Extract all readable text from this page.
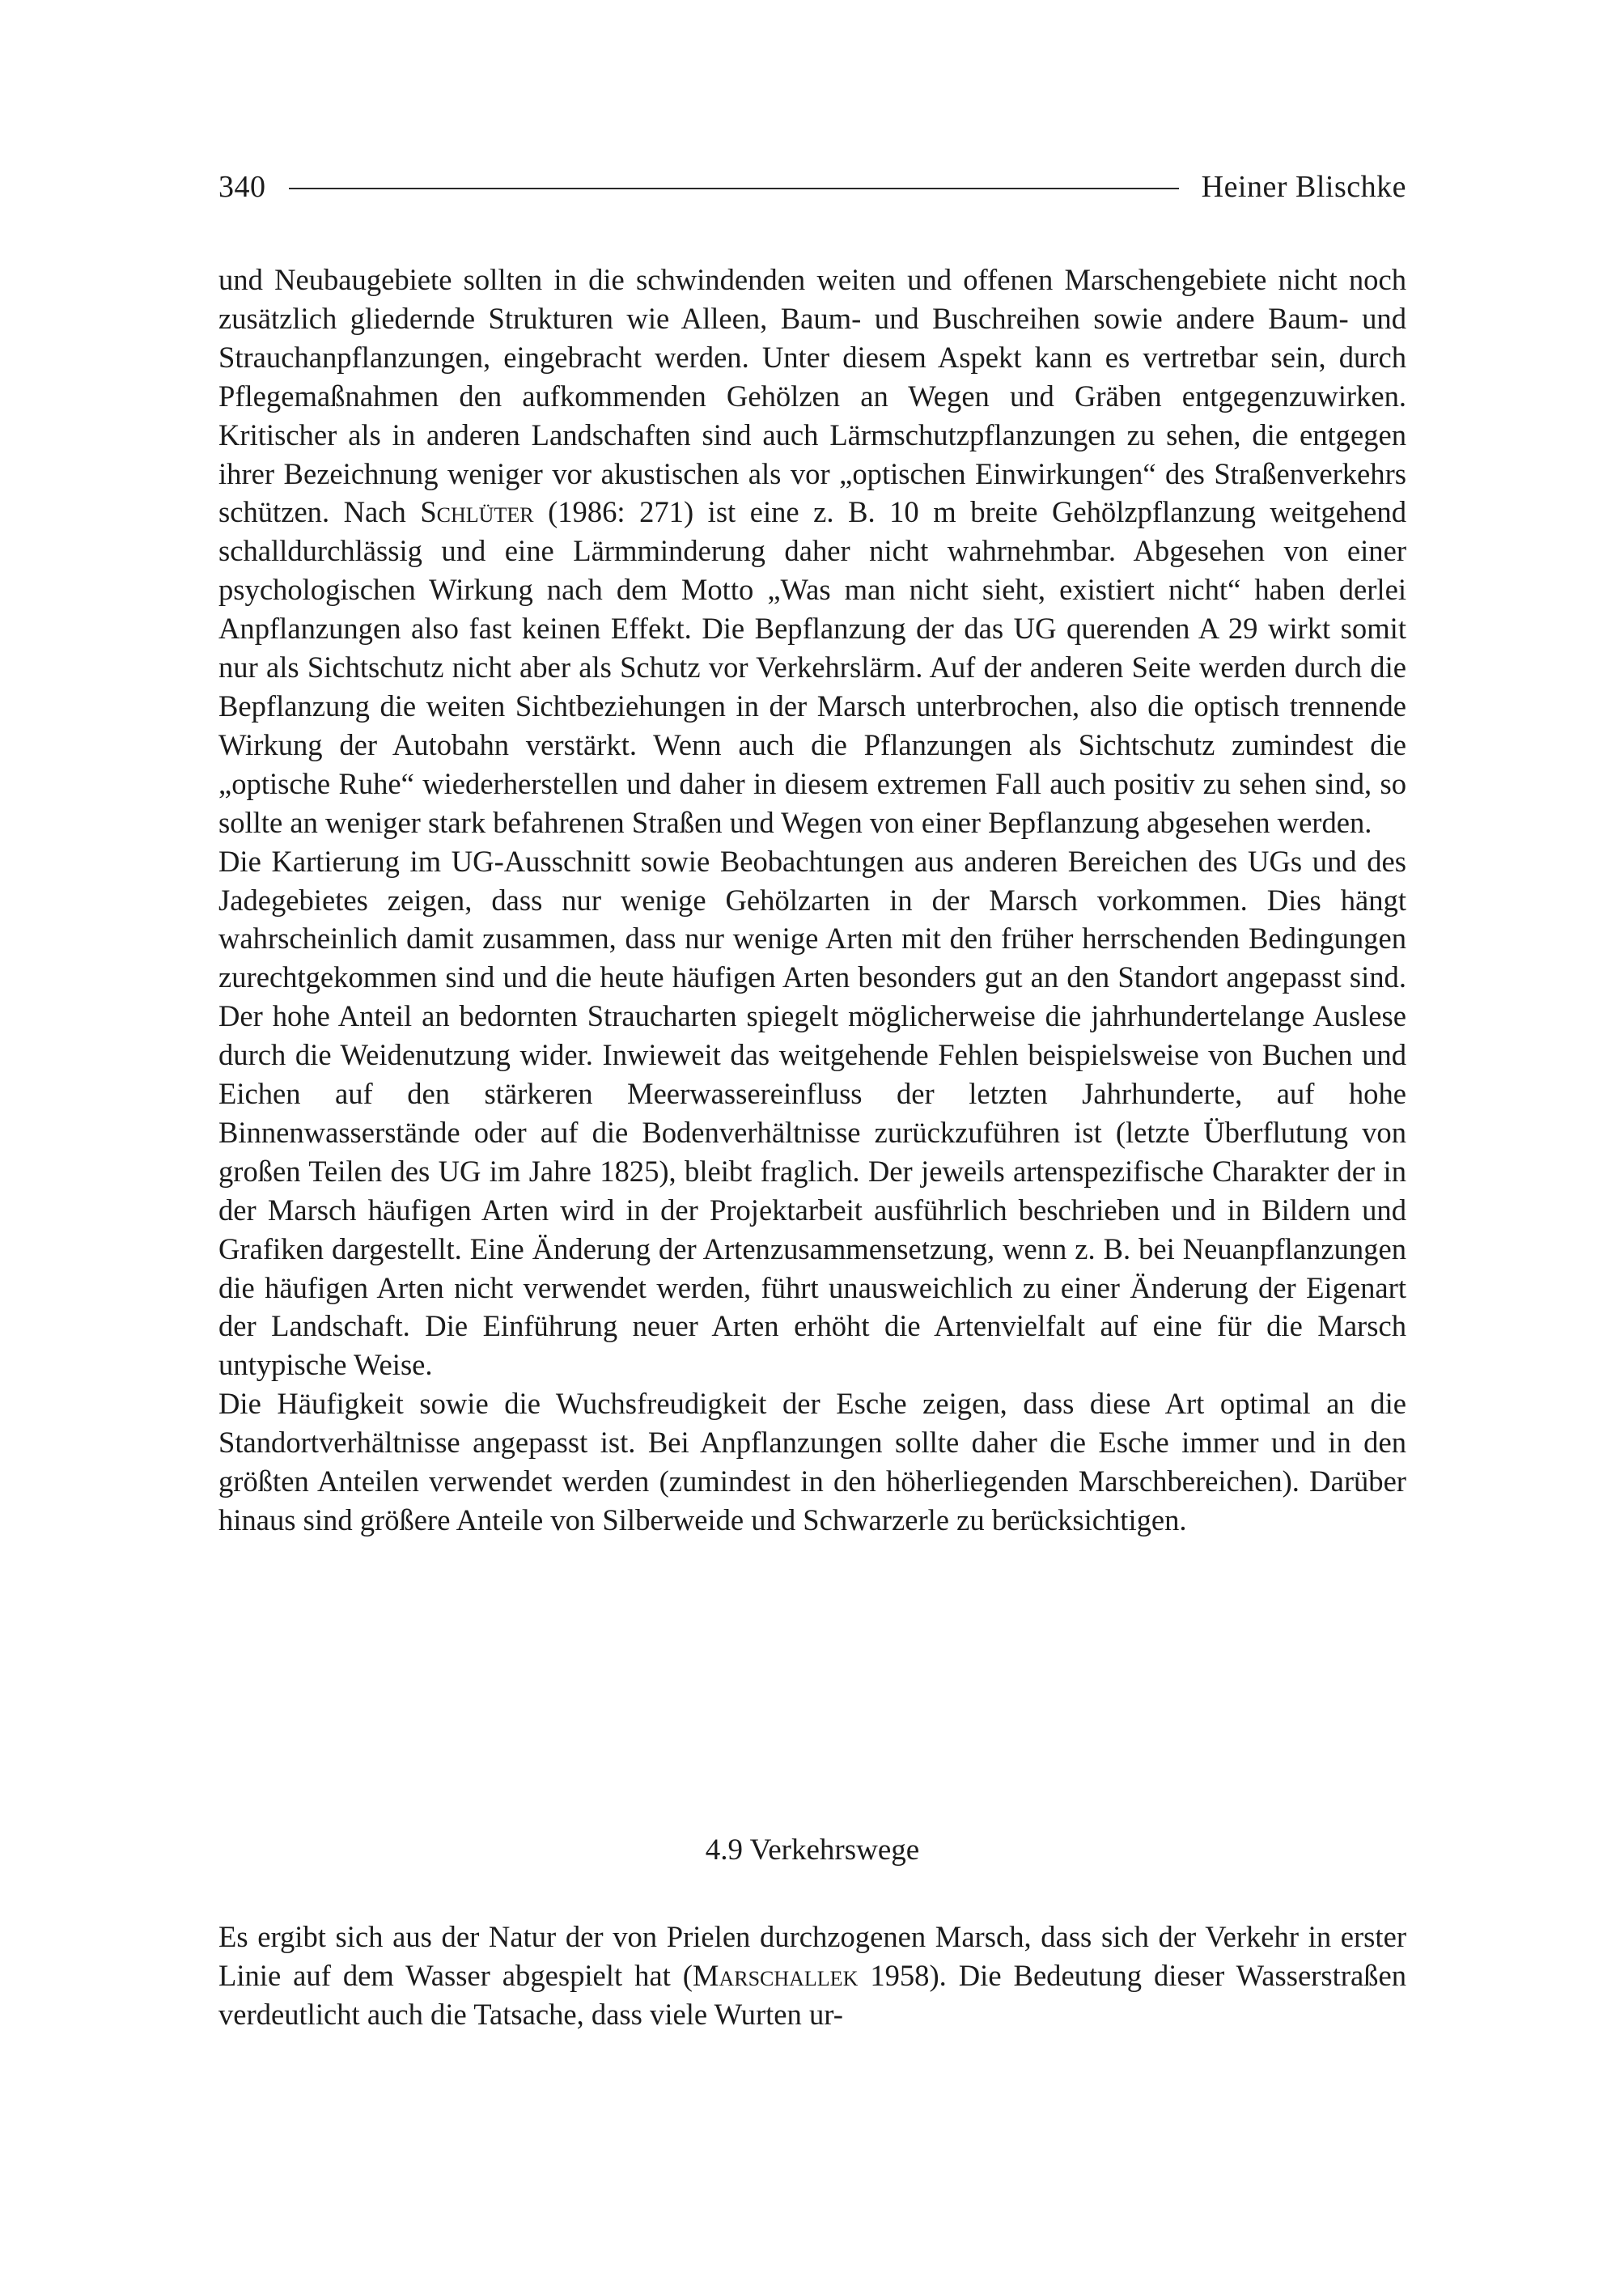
340	Heiner Blischke

und Neubaugebiete sollten in die schwindenden weiten und offenen Marschengebiete nicht noch zusätzlich gliedernde Strukturen wie Alleen, Baum- und Buschreihen sowie andere Baum- und Strauchanpflanzungen, eingebracht werden. Unter diesem Aspekt kann es vertretbar sein, durch Pflegemaßnahmen den aufkommenden Gehölzen an Wegen und Gräben entgegenzuwirken. Kritischer als in anderen Landschaften sind auch Lärmschutzpflanzungen zu sehen, die entgegen ihrer Bezeichnung weniger vor akustischen als vor „optischen Einwirkungen“ des Straßenverkehrs schützen. Nach Schlüter (1986: 271) ist eine z. B. 10 m breite Gehölzpflanzung weitgehend schalldurchlässig und eine Lärmminderung daher nicht wahrnehmbar. Abgesehen von einer psychologischen Wirkung nach dem Motto „Was man nicht sieht, existiert nicht“ haben derlei Anpflanzungen also fast keinen Effekt. Die Bepflanzung der das UG querenden A 29 wirkt somit nur als Sichtschutz nicht aber als Schutz vor Verkehrslärm. Auf der anderen Seite werden durch die Bepflanzung die weiten Sichtbeziehungen in der Marsch unterbrochen, also die optisch trennende Wirkung der Autobahn verstärkt. Wenn auch die Pflanzungen als Sichtschutz zumindest die „optische Ruhe“ wiederherstellen und daher in diesem extremen Fall auch positiv zu sehen sind, so sollte an weniger stark befahrenen Straßen und Wegen von einer Bepflanzung abgesehen werden.

Die Kartierung im UG-Ausschnitt sowie Beobachtungen aus anderen Bereichen des UGs und des Jadegebietes zeigen, dass nur wenige Gehölzarten in der Marsch vorkommen. Dies hängt wahrscheinlich damit zusammen, dass nur wenige Arten mit den früher herrschenden Bedingungen zurechtgekommen sind und die heute häufigen Arten besonders gut an den Standort angepasst sind. Der hohe Anteil an bedornten Straucharten spiegelt möglicherweise die jahrhundertelange Auslese durch die Weidenutzung wider. Inwieweit das weitgehende Fehlen beispielsweise von Buchen und Eichen auf den stärkeren Meerwassereinfluss der letzten Jahrhunderte, auf hohe Binnenwasserstände oder auf die Bodenverhältnisse zurückzuführen ist (letzte Überflutung von großen Teilen des UG im Jahre 1825), bleibt fraglich. Der jeweils artenspezifische Charakter der in der Marsch häufigen Arten wird in der Projektarbeit ausführlich beschrieben und in Bildern und Grafiken dargestellt. Eine Änderung der Artenzusammensetzung, wenn z. B. bei Neuanpflanzungen die häufigen Arten nicht verwendet werden, führt unausweichlich zu einer Änderung der Eigenart der Landschaft. Die Einführung neuer Arten erhöht die Artenvielfalt auf eine für die Marsch untypische Weise.

Die Häufigkeit sowie die Wuchsfreudigkeit der Esche zeigen, dass diese Art optimal an die Standortverhältnisse angepasst ist. Bei Anpflanzungen sollte daher die Esche immer und in den größten Anteilen verwendet werden (zumindest in den höherliegenden Marschbereichen). Darüber hinaus sind größere Anteile von Silberweide und Schwarzerle zu berücksichtigen.

4.9 Verkehrswege

Es ergibt sich aus der Natur der von Prielen durchzogenen Marsch, dass sich der Verkehr in erster Linie auf dem Wasser abgespielt hat (Marschallek 1958). Die Bedeutung dieser Wasserstraßen verdeutlicht auch die Tatsache, dass viele Wurten ur-
